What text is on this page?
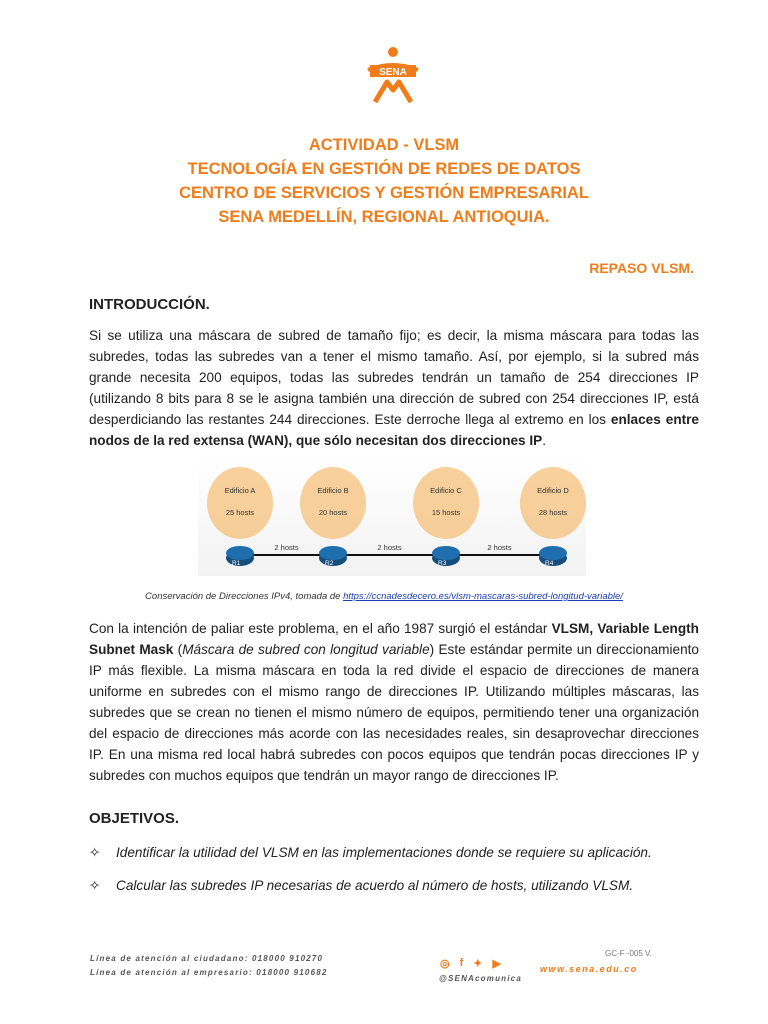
SENA
ACTIVIDAD - VLSM
TECNOLOGÍA EN GESTIÓN DE REDES DE DATOS
CENTRO DE SERVICIOS Y GESTIÓN EMPRESARIAL
SENA MEDELLÍN, REGIONAL ANTIOQUIA.
REPASO VLSM.
INTRODUCCIÓN.
Si se utiliza una máscara de subred de tamaño fijo; es decir, la misma máscara para todas las subredes, todas las subredes van a tener el mismo tamaño. Así, por ejemplo, si la subred más grande necesita 200 equipos, todas las subredes tendrán un tamaño de 254 direcciones IP (utilizando 8 bits para 8 se le asigna también una dirección de subred con 254 direcciones IP, está desperdiciando las restantes 244 direcciones. Este derroche llega al extremo en los enlaces entre nodos de la red extensa (WAN), que sólo necesitan dos direcciones IP.
Edificio A
25 hosts
Edificio B
20 hosts
Edificio C
15 hosts
Edificio D
28 hosts
R1	R2	R3	R4
2 hosts	2 hosts	2 hosts
Conservación de Direcciones IPv4, tomada de https://ccnadesdecero.es/vlsm-mascaras-subred-longitud-variable/
Con la intención de paliar este problema, en el año 1987 surgió el estándar VLSM, Variable Length Subnet Mask (Máscara de subred con longitud variable) Este estándar permite un direccionamiento IP más flexible. La misma máscara en toda la red divide el espacio de direcciones de manera uniforme en subredes con el mismo rango de direcciones IP. Utilizando múltiples máscaras, las subredes que se crean no tienen el mismo número de equipos, permitiendo tener una organización del espacio de direcciones más acorde con las necesidades reales, sin desaprovechar direcciones IP. En una misma red local habrá subredes con pocos equipos que tendrán pocas direcciones IP y subredes con muchos equipos que tendrán un mayor rango de direcciones IP.
OBJETIVOS.
✧ Identificar la utilidad del VLSM en las implementaciones donde se requiere su aplicación.
✧ Calcular las subredes IP necesarias de acuerdo al número de hosts, utilizando VLSM.
Línea de atención al ciudadano: 018000 910270
Línea de atención al empresario: 018000 910682
GC-F -005 V.
◎ f ✦ ▶
@SENAcomunica
www.sena.edu.co
